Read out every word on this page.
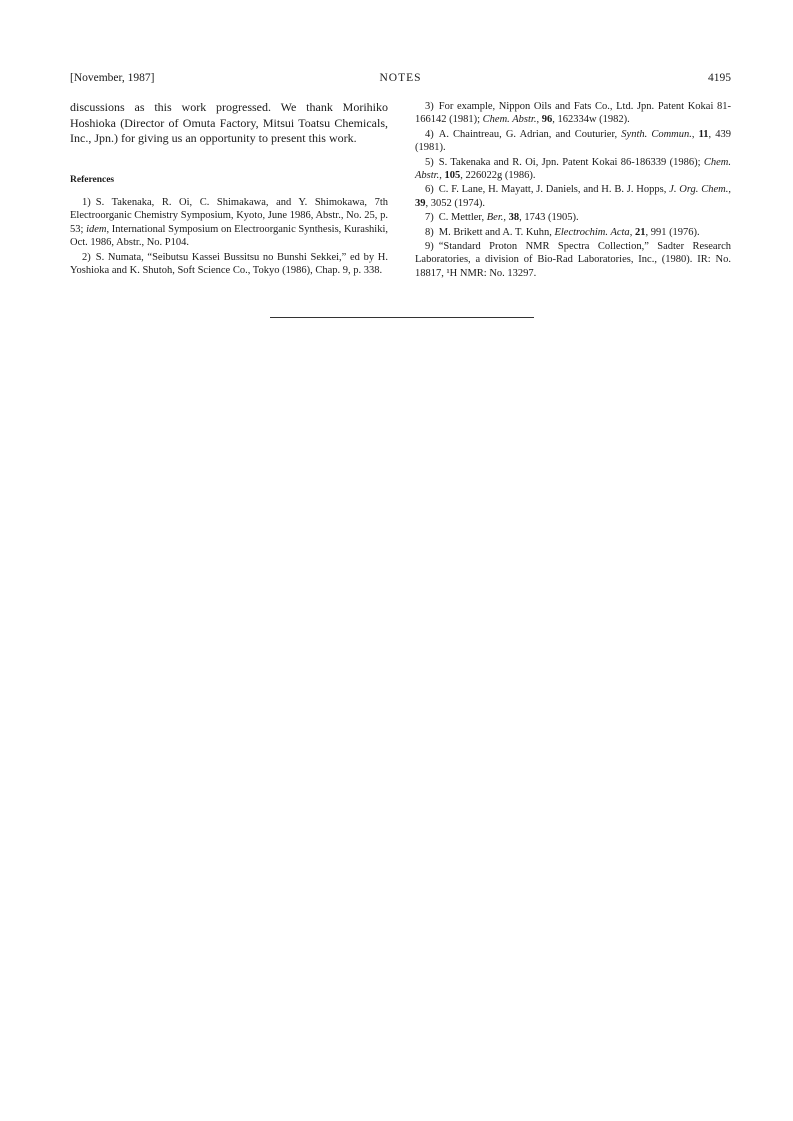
[November, 1987]	NOTES	4195

discussions as this work progressed. We thank Morihiko Hoshioka (Director of Omuta Factory, Mitsui Toatsu Chemicals, Inc., Jpn.) for giving us an opportunity to present this work.

References

1) S. Takenaka, R. Oi, C. Shimakawa, and Y. Shimokawa, 7th Electroorganic Chemistry Symposium, Kyoto, June 1986, Abstr., No. 25, p. 53; idem, International Symposium on Electroorganic Synthesis, Kurashiki, Oct. 1986, Abstr., No. P104.

2) S. Numata, “Seibutsu Kassei Bussitsu no Bunshi Sekkei,” ed by H. Yoshioka and K. Shutoh, Soft Science Co., Tokyo (1986), Chap. 9, p. 338.

3) For example, Nippon Oils and Fats Co., Ltd. Jpn. Patent Kokai 81-166142 (1981); Chem. Abstr., 96, 162334w (1982).

4) A. Chaintreau, G. Adrian, and Couturier, Synth. Commun., 11, 439 (1981).

5) S. Takenaka and R. Oi, Jpn. Patent Kokai 86-186339 (1986); Chem. Abstr., 105, 226022g (1986).

6) C. F. Lane, H. Mayatt, J. Daniels, and H. B. J. Hopps, J. Org. Chem., 39, 3052 (1974).

7) C. Mettler, Ber., 38, 1743 (1905).

8) M. Brikett and A. T. Kuhn, Electrochim. Acta, 21, 991 (1976).

9) “Standard Proton NMR Spectra Collection,” Sadter Research Laboratories, a division of Bio-Rad Laboratories, Inc., (1980). IR: No. 18817, ¹H NMR: No. 13297.
